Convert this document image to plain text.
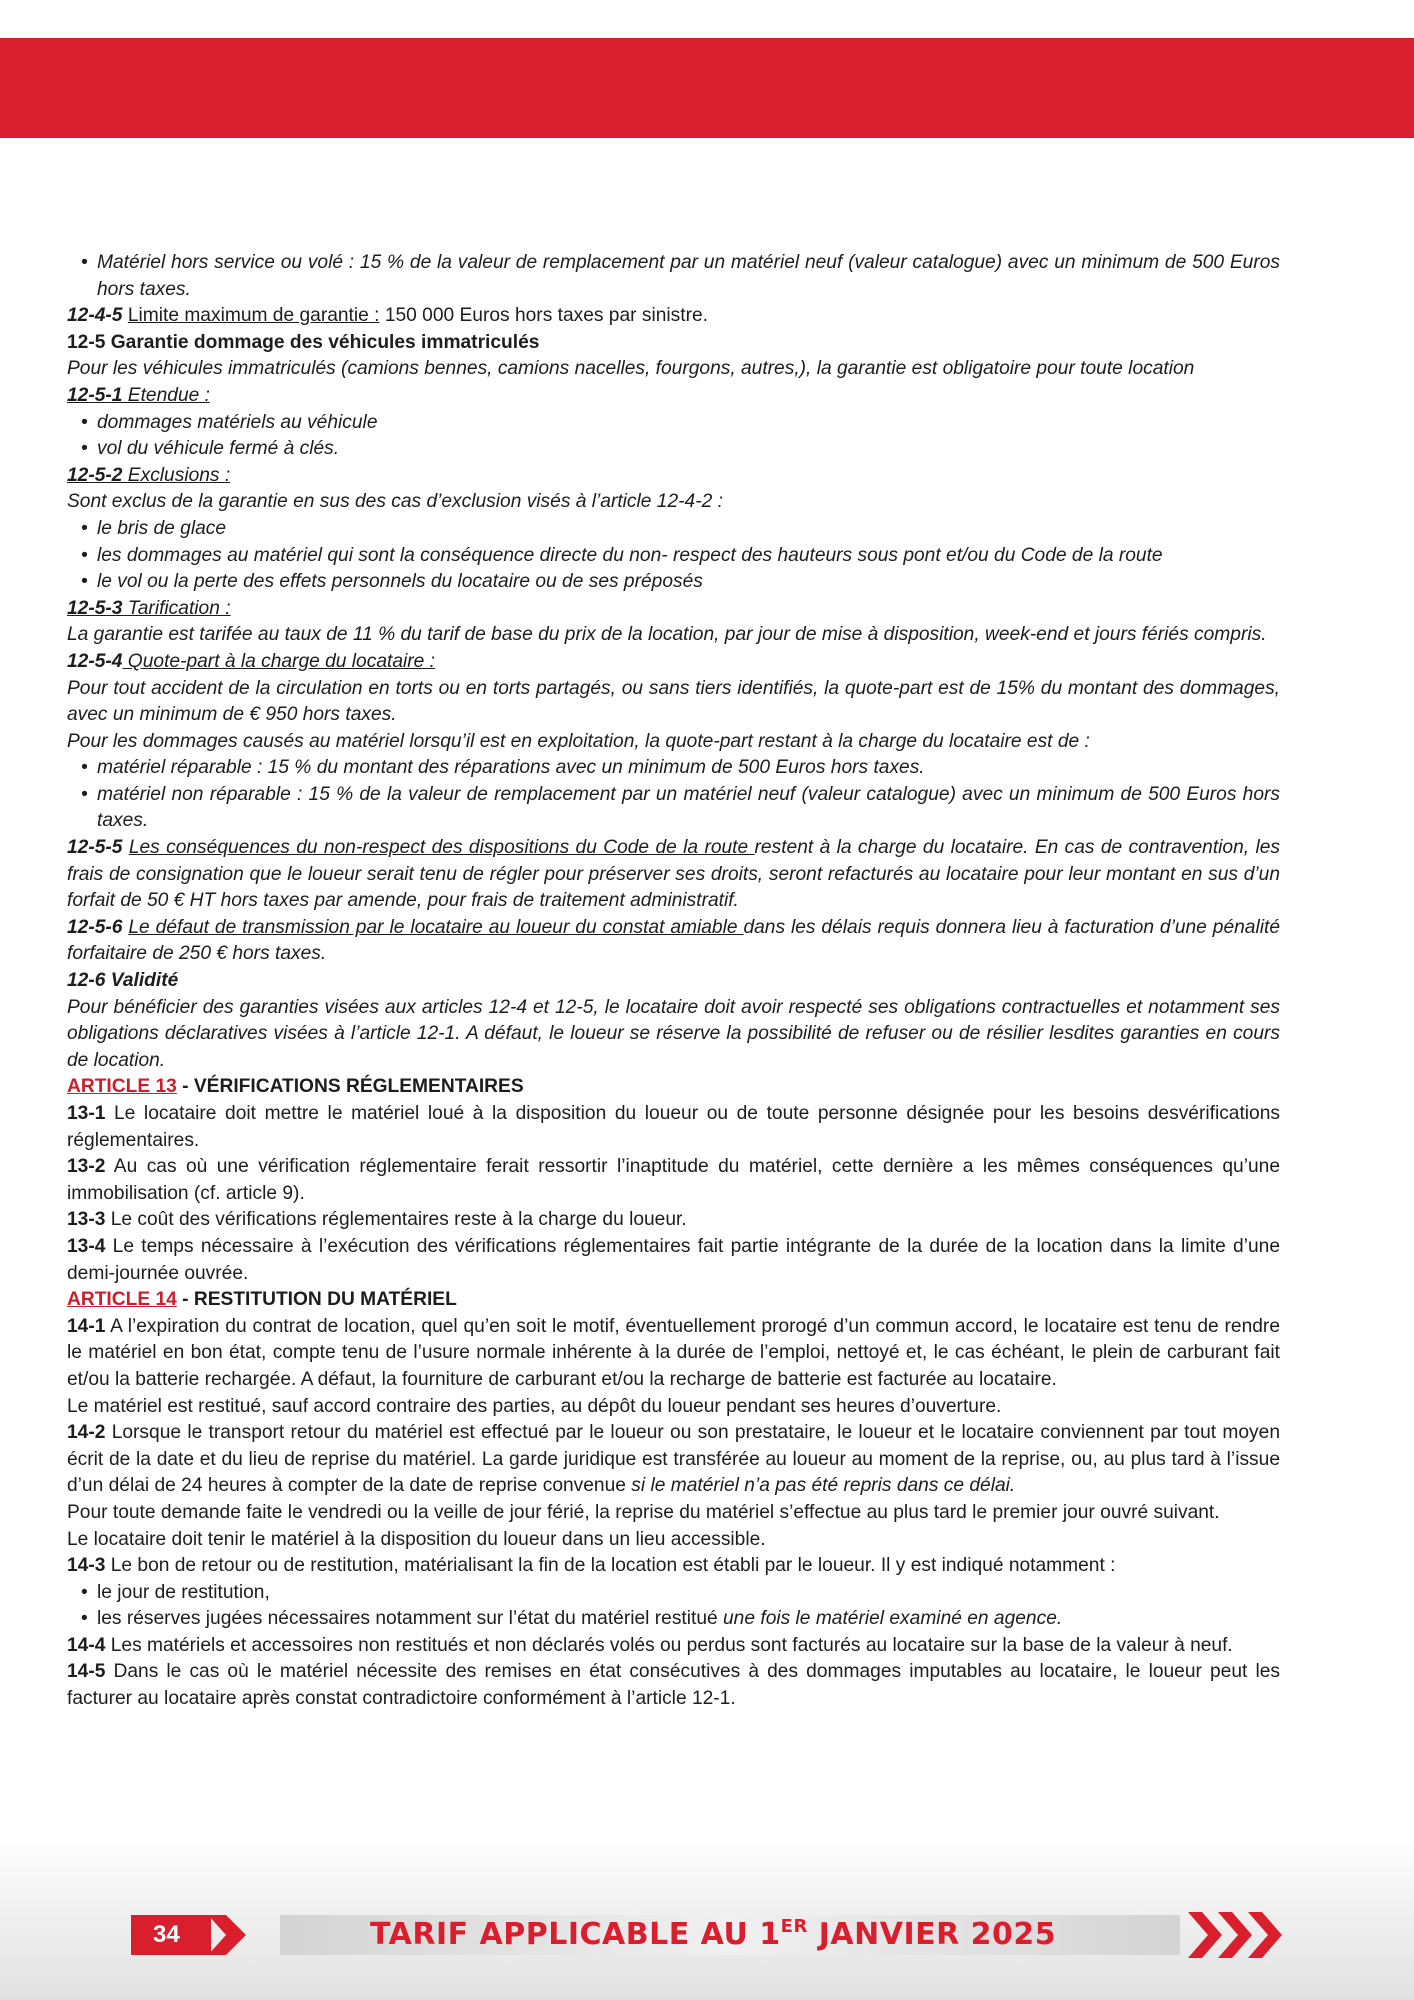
• Matériel hors service ou volé : 15 % de la valeur de remplacement par un matériel neuf (valeur catalogue) avec un minimum de 500 Euros hors taxes.

12-4-5 Limite maximum de garantie : 150 000 Euros hors taxes par sinistre.

12-5 Garantie dommage des véhicules immatriculés

Pour les véhicules immatriculés (camions bennes, camions nacelles, fourgons, autres,), la garantie est obligatoire pour toute location

12-5-1 Etendue :

• dommages matériels au véhicule
• vol du véhicule fermé à clés.

12-5-2 Exclusions :

Sont exclus de la garantie en sus des cas d’exclusion visés à l’article 12-4-2 :

• le bris de glace
• les dommages au matériel qui sont la conséquence directe du non- respect des hauteurs sous pont et/ou du Code de la route
• le vol ou la perte des effets personnels du locataire ou de ses préposés

12-5-3 Tarification :

La garantie est tarifée au taux de 11 % du tarif de base du prix de la location, par jour de mise à disposition, week-end et jours fériés compris.

12-5-4 Quote-part à la charge du locataire :

Pour tout accident de la circulation en torts ou en torts partagés, ou sans tiers identifiés, la quote-part est de 15% du montant des dommages, avec un minimum de € 950 hors taxes.

Pour les dommages causés au matériel lorsqu’il est en exploitation, la quote-part restant à la charge du locataire est de :

• matériel réparable : 15 % du montant des réparations avec un minimum de 500 Euros hors taxes.
• matériel non réparable : 15 % de la valeur de remplacement par un matériel neuf (valeur catalogue) avec un minimum de 500 Euros hors taxes.

12-5-5 Les conséquences du non-respect des dispositions du Code de la route restent à la charge du locataire. En cas de contravention, les frais de consignation que le loueur serait tenu de régler pour préserver ses droits, seront refacturés au locataire pour leur montant en sus d’un forfait de 50 € HT hors taxes par amende, pour frais de traitement administratif.

12-5-6 Le défaut de transmission par le locataire au loueur du constat amiable dans les délais requis donnera lieu à facturation d’une pénalité forfaitaire de 250 € hors taxes.

12-6 Validité

Pour bénéficier des garanties visées aux articles 12-4 et 12-5, le locataire doit avoir respecté ses obligations contractuelles et notamment ses obligations déclaratives visées à l’article 12-1. A défaut, le loueur se réserve la possibilité de refuser ou de résilier lesdites garanties en cours de location.

ARTICLE 13 - VÉRIFICATIONS RÉGLEMENTAIRES

13-1 Le locataire doit mettre le matériel loué à la disposition du loueur ou de toute personne désignée pour les besoins desvérifications réglementaires.

13-2 Au cas où une vérification réglementaire ferait ressortir l’inaptitude du matériel, cette dernière a les mêmes conséquences qu’une immobilisation (cf. article 9).

13-3 Le coût des vérifications réglementaires reste à la charge du loueur.

13-4 Le temps nécessaire à l’exécution des vérifications réglementaires fait partie intégrante de la durée de la location dans la limite d’une demi-journée ouvrée.

ARTICLE 14 - RESTITUTION DU MATÉRIEL

14-1 A l’expiration du contrat de location, quel qu’en soit le motif, éventuellement prorogé d’un commun accord, le locataire est tenu de rendre le matériel en bon état, compte tenu de l’usure normale inhérente à la durée de l’emploi, nettoyé et, le cas échéant, le plein de carburant fait et/ou la batterie rechargée. A défaut, la fourniture de carburant et/ou la recharge de batterie est facturée au locataire.

Le matériel est restitué, sauf accord contraire des parties, au dépôt du loueur pendant ses heures d’ouverture.

14-2 Lorsque le transport retour du matériel est effectué par le loueur ou son prestataire, le loueur et le locataire conviennent par tout moyen écrit de la date et du lieu de reprise du matériel. La garde juridique est transférée au loueur au moment de la reprise, ou, au plus tard à l’issue d’un délai de 24 heures à compter de la date de reprise convenue si le matériel n’a pas été repris dans ce délai.

Pour toute demande faite le vendredi ou la veille de jour férié, la reprise du matériel s’effectue au plus tard le premier jour ouvré suivant.

Le locataire doit tenir le matériel à la disposition du loueur dans un lieu accessible.

14-3 Le bon de retour ou de restitution, matérialisant la fin de la location est établi par le loueur. Il y est indiqué notamment :

• le jour de restitution,
• les réserves jugées nécessaires notamment sur l’état du matériel restitué une fois le matériel examiné en agence.

14-4 Les matériels et accessoires non restitués et non déclarés volés ou perdus sont facturés au locataire sur la base de la valeur à neuf.

14-5 Dans le cas où le matériel nécessite des remises en état consécutives à des dommages imputables au locataire, le loueur peut les facturer au locataire après constat contradictoire conformément à l’article 12-1.

34	TARIF APPLICABLE AU 1ER JANVIER 2025
